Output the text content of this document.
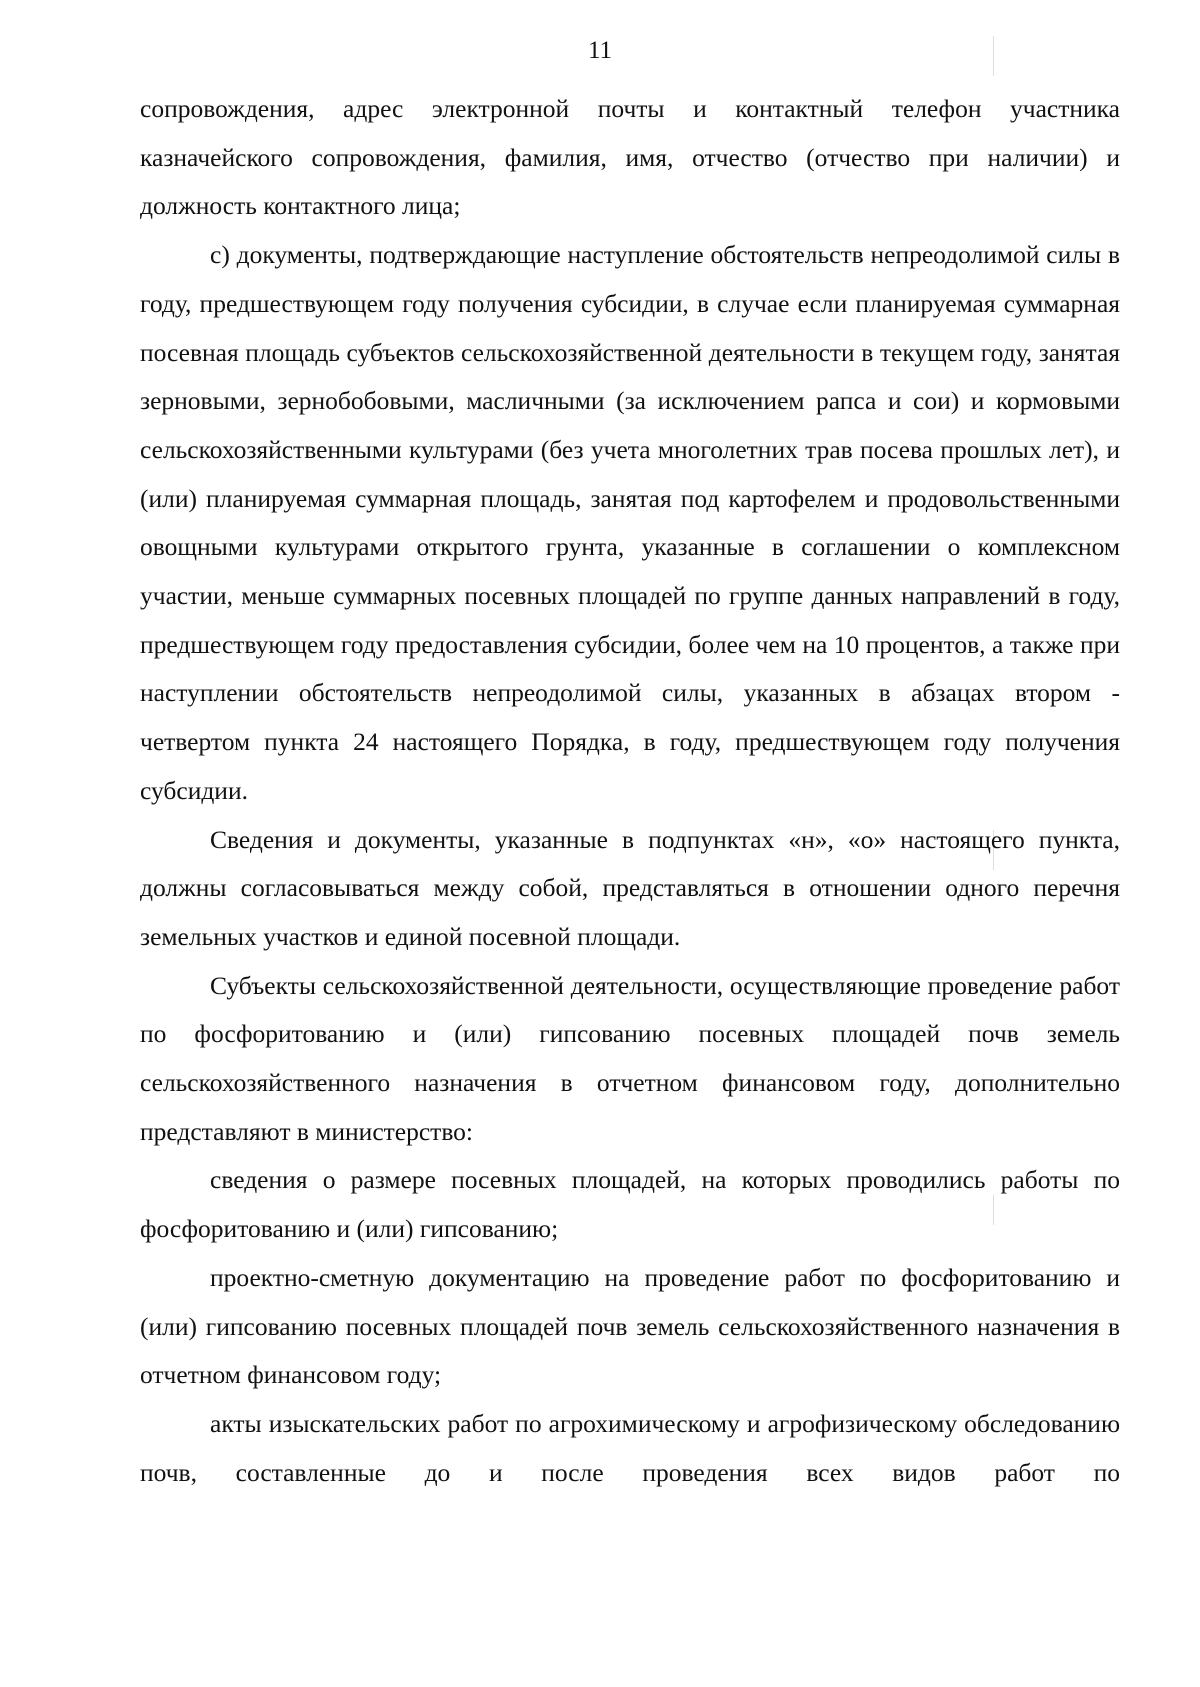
11

сопровождения, адрес электронной почты и контактный телефон участника казначейского сопровождения, фамилия, имя, отчество (отчество при наличии) и должность контактного лица;

с) документы, подтверждающие наступление обстоятельств непреодолимой силы в году, предшествующем году получения субсидии, в случае если планируемая суммарная посевная площадь субъектов сельскохозяйственной деятельности в текущем году, занятая зерновыми, зернобобовыми, масличными (за исключением рапса и сои) и кормовыми сельскохозяйственными культурами (без учета многолетних трав посева прошлых лет), и (или) планируемая суммарная площадь, занятая под картофелем и продовольственными овощными культурами открытого грунта, указанные в соглашении о комплексном участии, меньше суммарных посевных площадей по группе данных направлений в году, предшествующем году предоставления субсидии, более чем на 10 процентов, а также при наступлении обстоятельств непреодолимой силы, указанных в абзацах втором - четвертом пункта 24 настоящего Порядка, в году, предшествующем году получения субсидии.

Сведения и документы, указанные в подпунктах «н», «о» настоящего пункта, должны согласовываться между собой, представляться в отношении одного перечня земельных участков и единой посевной площади.

Субъекты сельскохозяйственной деятельности, осуществляющие проведение работ по фосфоритованию и (или) гипсованию посевных площадей почв земель сельскохозяйственного назначения в отчетном финансовом году, дополнительно представляют в министерство:

сведения о размере посевных площадей, на которых проводились работы по фосфоритованию и (или) гипсованию;

проектно-сметную документацию на проведение работ по фосфоритованию и (или) гипсованию посевных площадей почв земель сельскохозяйственного назначения в отчетном финансовом году;

акты изыскательских работ по агрохимическому и агрофизическому обследованию почв, составленные до и после проведения всех видов работ по
